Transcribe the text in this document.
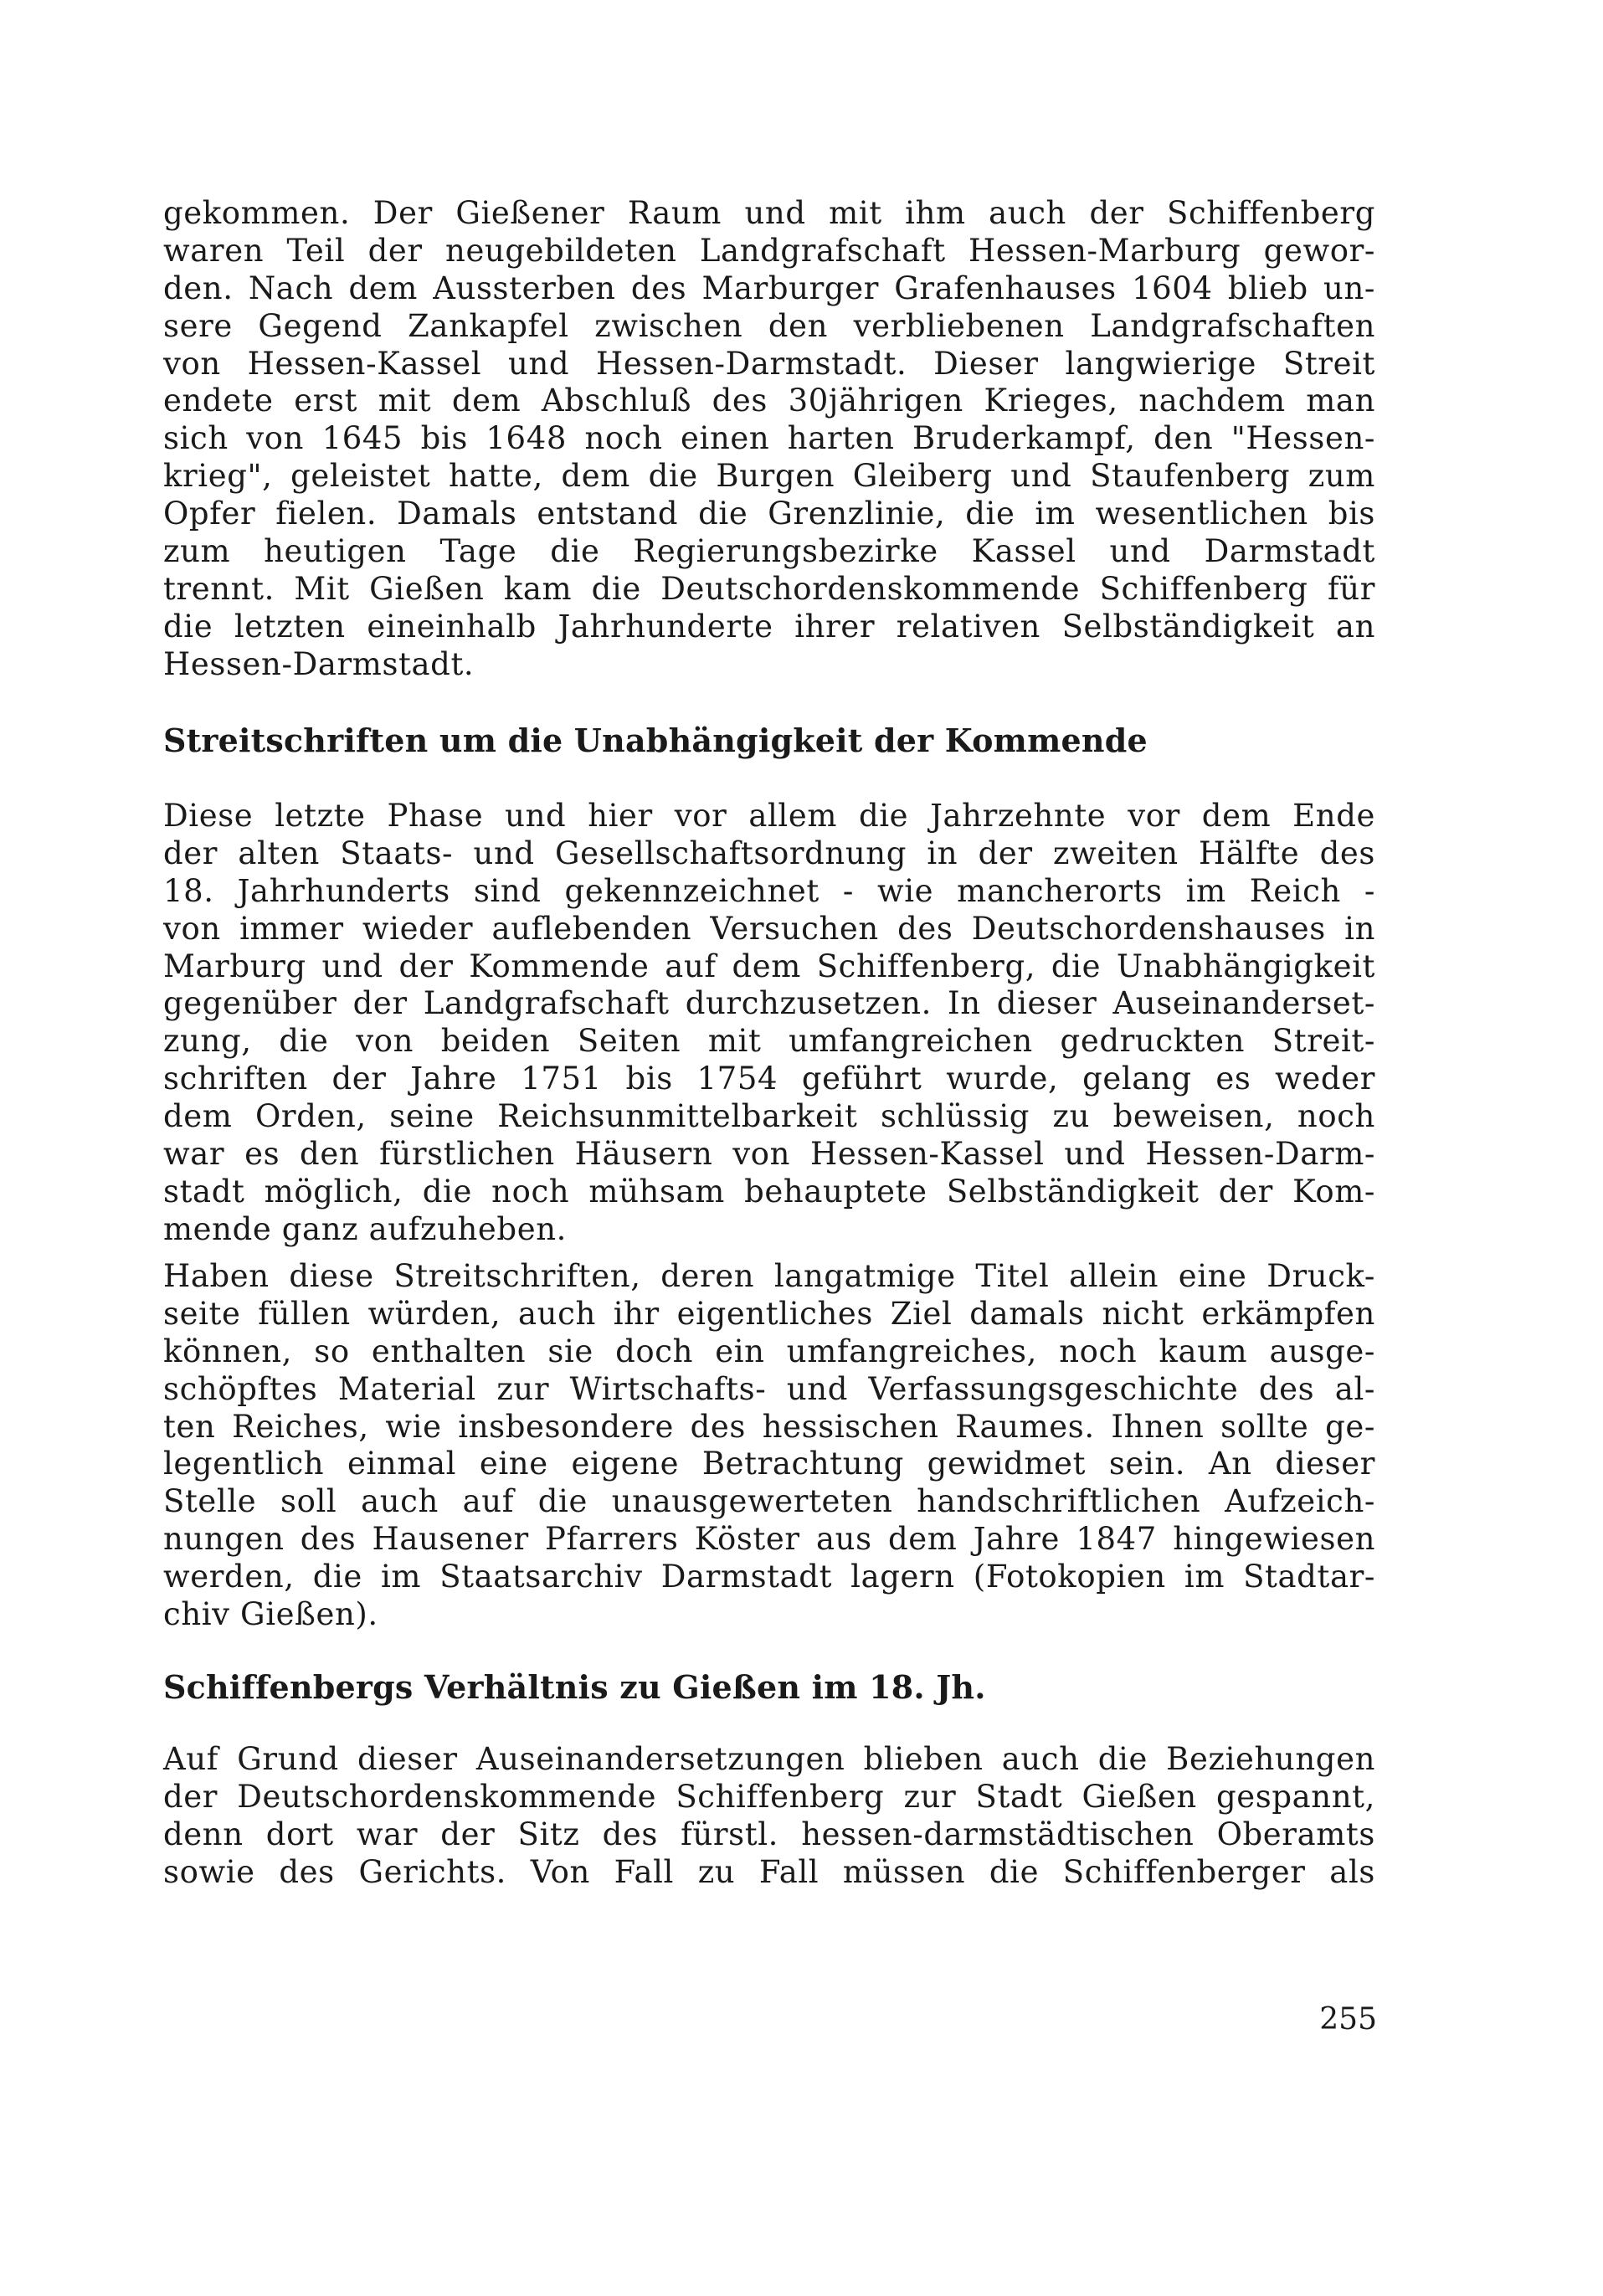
gekommen. Der Gießener Raum und mit ihm auch der Schiffenberg
waren Teil der neugebildeten Landgrafschaft Hessen-Marburg gewor-
den. Nach dem Aussterben des Marburger Grafenhauses 1604 blieb un-
sere Gegend Zankapfel zwischen den verbliebenen Landgrafschaften
von Hessen-Kassel und Hessen-Darmstadt. Dieser langwierige Streit
endete erst mit dem Abschluß des 30jährigen Krieges, nachdem man
sich von 1645 bis 1648 noch einen harten Bruderkampf, den "Hessen-
krieg", geleistet hatte, dem die Burgen Gleiberg und Staufenberg zum
Opfer fielen. Damals entstand die Grenzlinie, die im wesentlichen bis
zum heutigen Tage die Regierungsbezirke Kassel und Darmstadt
trennt. Mit Gießen kam die Deutschordenskommende Schiffenberg für
die letzten eineinhalb Jahrhunderte ihrer relativen Selbständigkeit an
Hessen-Darmstadt.
Streitschriften um die Unabhängigkeit der Kommende
Diese letzte Phase und hier vor allem die Jahrzehnte vor dem Ende
der alten Staats- und Gesellschaftsordnung in der zweiten Hälfte des
18. Jahrhunderts sind gekennzeichnet - wie mancherorts im Reich -
von immer wieder auflebenden Versuchen des Deutschordenshauses in
Marburg und der Kommende auf dem Schiffenberg, die Unabhängigkeit
gegenüber der Landgrafschaft durchzusetzen. In dieser Auseinanderset-
zung, die von beiden Seiten mit umfangreichen gedruckten Streit-
schriften der Jahre 1751 bis 1754 geführt wurde, gelang es weder
dem Orden, seine Reichsunmittelbarkeit schlüssig zu beweisen, noch
war es den fürstlichen Häusern von Hessen-Kassel und Hessen-Darm-
stadt möglich, die noch mühsam behauptete Selbständigkeit der Kom-
mende ganz aufzuheben.
Haben diese Streitschriften, deren langatmige Titel allein eine Druck-
seite füllen würden, auch ihr eigentliches Ziel damals nicht erkämpfen
können, so enthalten sie doch ein umfangreiches, noch kaum ausge-
schöpftes Material zur Wirtschafts- und Verfassungsgeschichte des al-
ten Reiches, wie insbesondere des hessischen Raumes. Ihnen sollte ge-
legentlich einmal eine eigene Betrachtung gewidmet sein. An dieser
Stelle soll auch auf die unausgewerteten handschriftlichen Aufzeich-
nungen des Hausener Pfarrers Köster aus dem Jahre 1847 hingewiesen
werden, die im Staatsarchiv Darmstadt lagern (Fotokopien im Stadtar-
chiv Gießen).
Schiffenbergs Verhältnis zu Gießen im 18. Jh.
Auf Grund dieser Auseinandersetzungen blieben auch die Beziehungen
der Deutschordenskommende Schiffenberg zur Stadt Gießen gespannt,
denn dort war der Sitz des fürstl. hessen-darmstädtischen Oberamts
sowie des Gerichts. Von Fall zu Fall müssen die Schiffenberger als
255
